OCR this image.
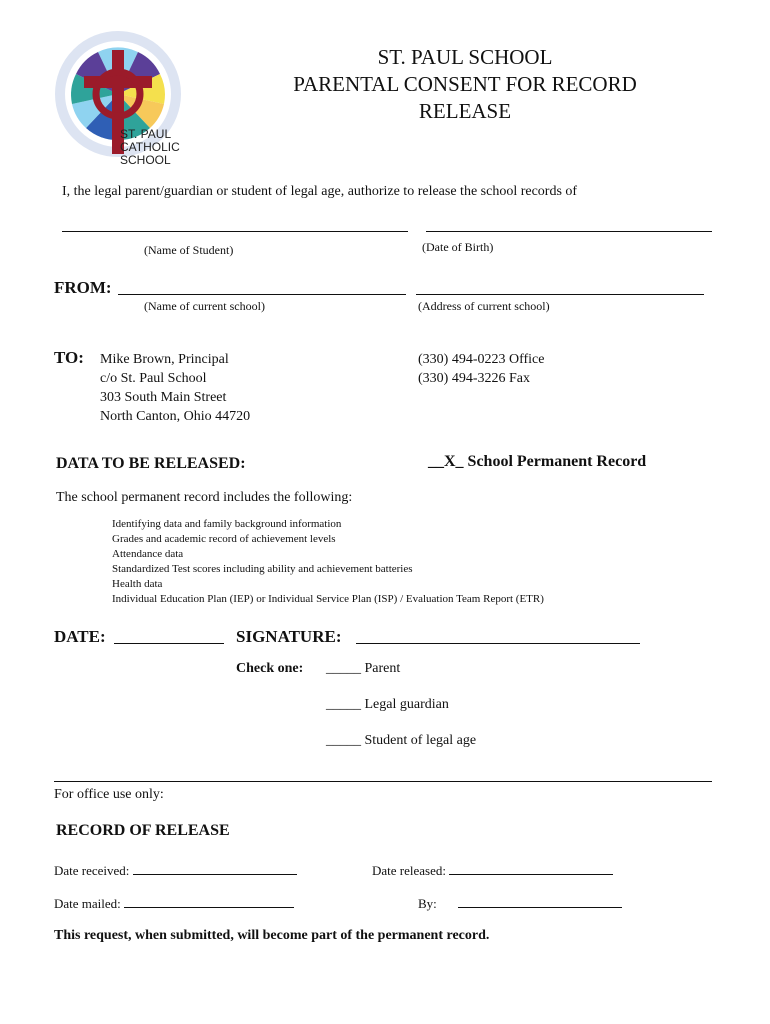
ST. PAUL
CATHOLIC
SCHOOL
ST. PAUL SCHOOL
PARENTAL CONSENT FOR RECORD
RELEASE
I, the legal parent/guardian or student of legal age, authorize to release the school records of
(Name of Student)	(Date of Birth)
FROM:
(Name of current school)	(Address of current school)
TO: Mike Brown, Principal
c/o St. Paul School
303 South Main Street
North Canton, Ohio 44720
(330) 494-0223 Office
(330) 494-3226 Fax
DATA TO BE RELEASED:	__X_ School Permanent Record
The school permanent record includes the following:
Identifying data and family background information
Grades and academic record of achievement levels
Attendance data
Standardized Test scores including ability and achievement batteries
Health data
Individual Education Plan (IEP) or Individual Service Plan (ISP) / Evaluation Team Report (ETR)
DATE:	SIGNATURE:
Check one: _____ Parent
_____ Legal guardian
_____ Student of legal age
For office use only:
RECORD OF RELEASE
Date received:	Date released:
Date mailed:	By:
This request, when submitted, will become part of the permanent record.
